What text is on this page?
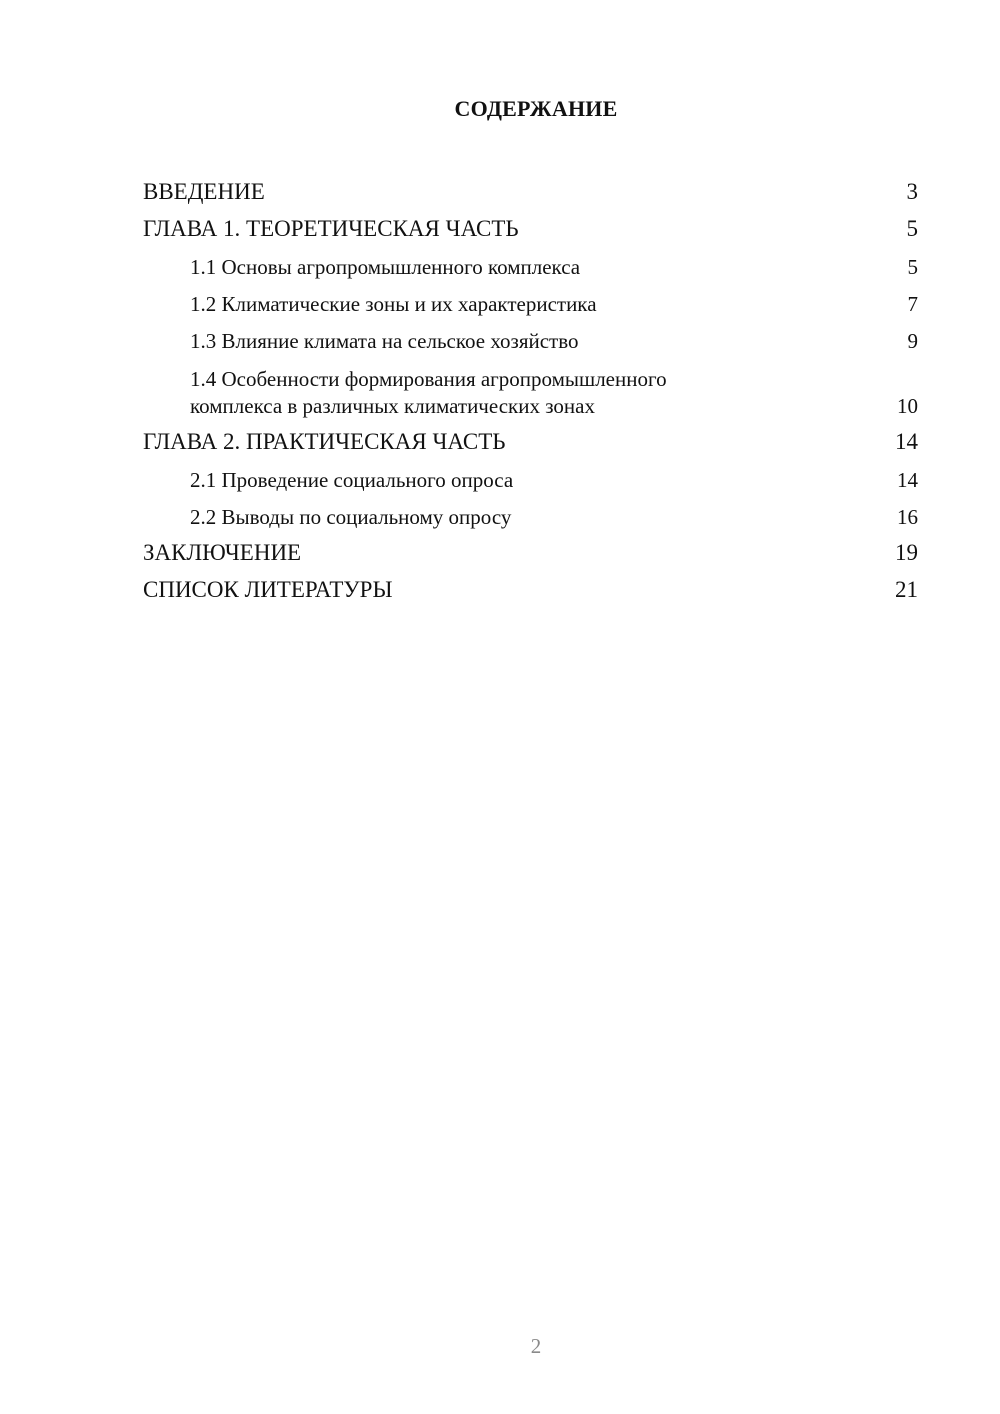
СОДЕРЖАНИЕ
ВВЕДЕНИЕ	3
ГЛАВА 1. ТЕОРЕТИЧЕСКАЯ ЧАСТЬ	5
1.1 Основы агропромышленного комплекса	5
1.2 Климатические зоны и их характеристика	7
1.3 Влияние климата на сельское хозяйство	9
1.4 Особенности формирования агропромышленного
комплекса в различных климатических зонах	10
ГЛАВА 2. ПРАКТИЧЕСКАЯ ЧАСТЬ	14
2.1 Проведение социального опроса	14
2.2 Выводы по социальному опросу	16
ЗАКЛЮЧЕНИЕ	19
СПИСОК ЛИТЕРАТУРЫ	21
2
